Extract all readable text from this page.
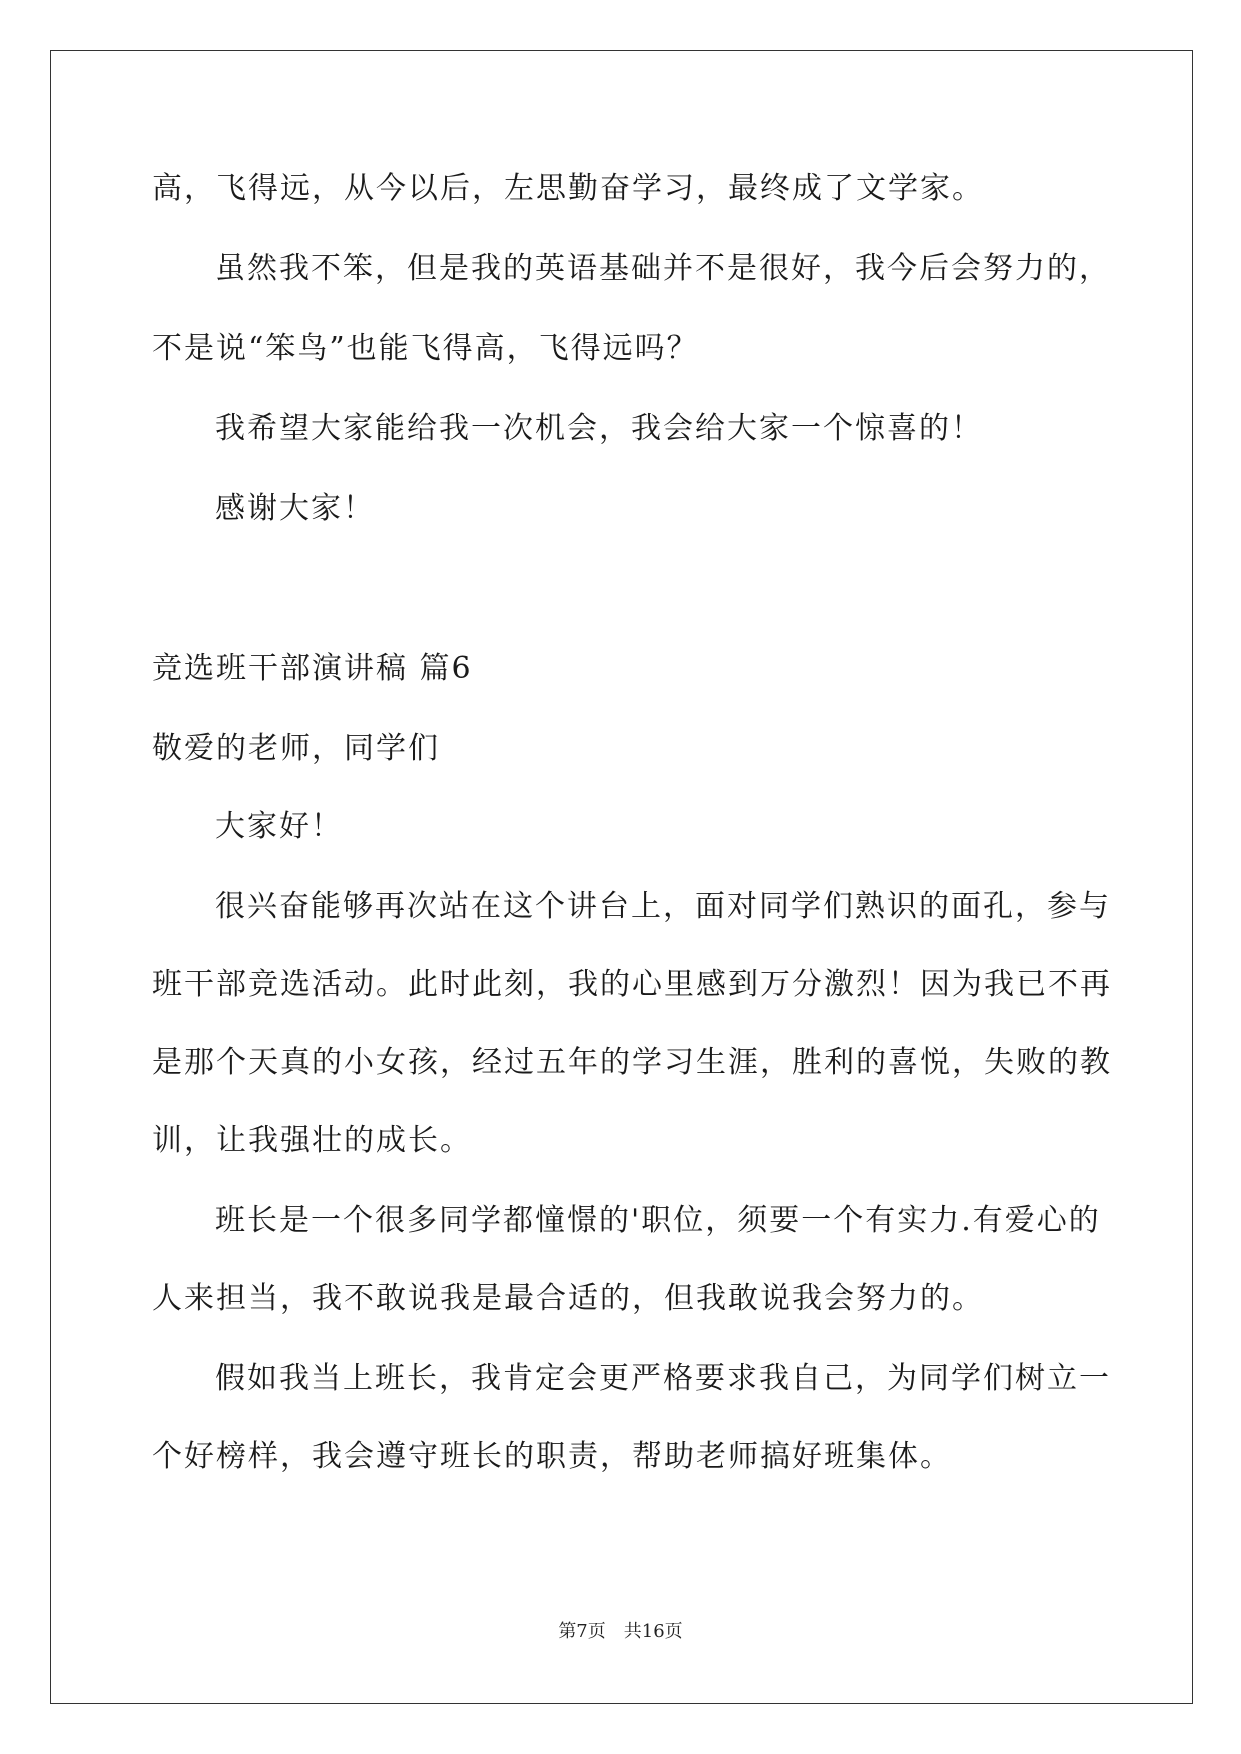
高，飞得远，从今以后，左思勤奋学习，最终成了文学家。
虽然我不笨，但是我的英语基础并不是很好，我今后会努力的，
不是说“笨鸟”也能飞得高，飞得远吗？
我希望大家能给我一次机会，我会给大家一个惊喜的！
感谢大家！
竞选班干部演讲稿 篇6
敬爱的老师，同学们
大家好！
很兴奋能够再次站在这个讲台上，面对同学们熟识的面孔，参与
班干部竞选活动。此时此刻，我的心里感到万分激烈！因为我已不再
是那个天真的小女孩，经过五年的学习生涯，胜利的喜悦，失败的教
训，让我强壮的成长。
班长是一个很多同学都憧憬的'职位，须要一个有实力.有爱心的
人来担当，我不敢说我是最合适的，但我敢说我会努力的。
假如我当上班长，我肯定会更严格要求我自己，为同学们树立一
个好榜样，我会遵守班长的职责，帮助老师搞好班集体。
第7页　共16页
